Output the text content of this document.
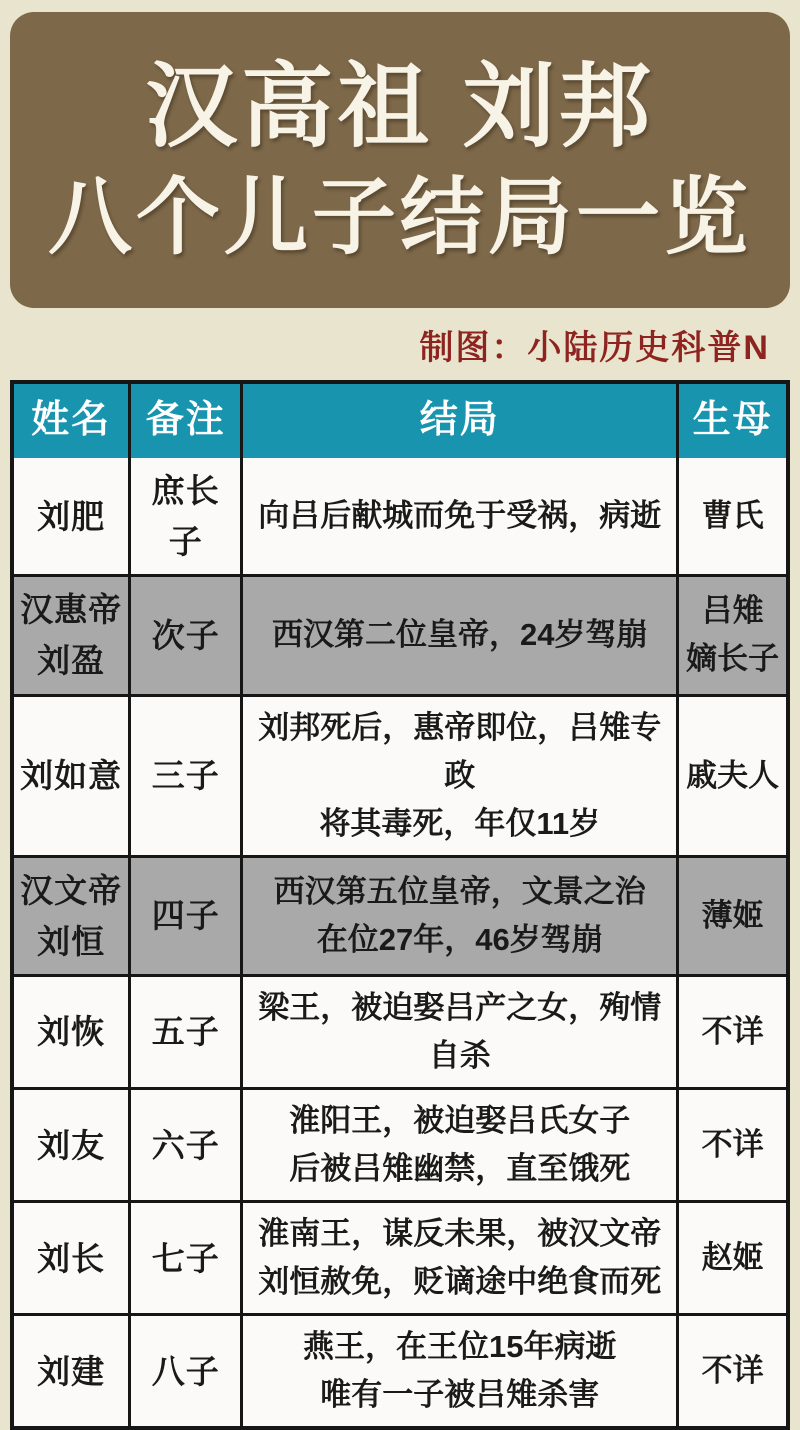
汉高祖 刘邦
八个儿子结局一览
制图：小陆历史科普N
姓名 备注	结局	生母
刘肥
庶长子
向吕后献城而免于受祸，病逝 曹氏
汉惠帝
刘盈
次子 西汉第二位皇帝，24岁驾崩
吕雉
嫡长子
刘如意 三子
刘邦死后，惠帝即位，吕雉专政
将其毒死，年仅11岁
戚夫人
汉文帝
刘恒
四子
西汉第五位皇帝，文景之治
在位27年，46岁驾崩
薄姬
刘恢 五子
梁王，被迫娶吕产之女，殉情自杀
不详
刘友 六子
淮阳王，被迫娶吕氏女子
后被吕雉幽禁，直至饿死
不详
刘长 七子
淮南王，谋反未果，被汉文帝
刘恒赦免，贬谪途中绝食而死
赵姬
刘建 八子
燕王，在王位15年病逝
唯有一子被吕雉杀害
不详
